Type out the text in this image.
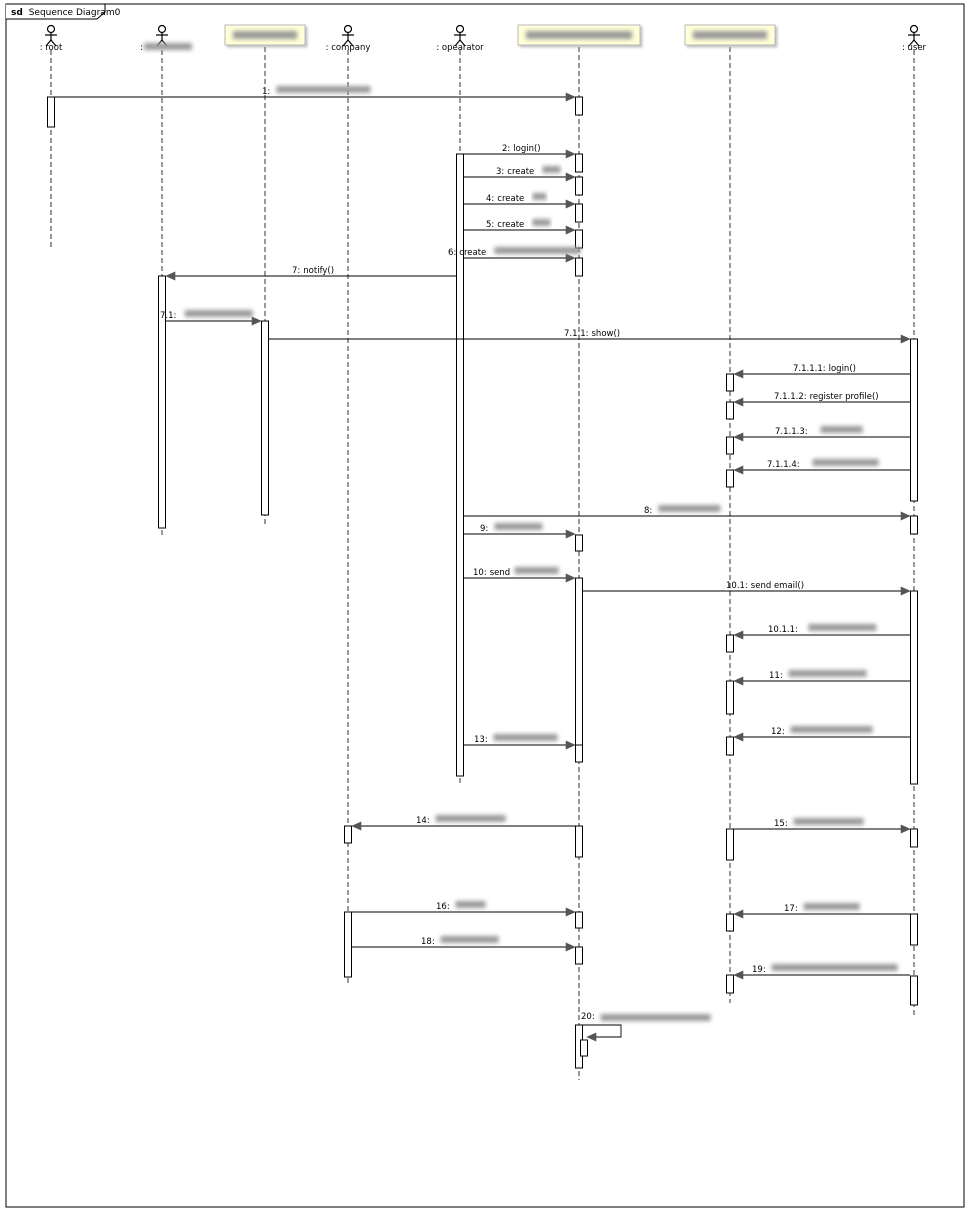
sd Sequence Diagram0
: root	:	: company	: opearator	: user
1:
2: login()
3: create
4: create
5: create
6: create
7: notify()
7.1:
7.1.1: show()
7.1.1.1: login()
7.1.1.2: register profile()
7.1.1.3:
7.1.1.4:
8:
9:
10: send
10.1: send email()
10.1.1:
11:
12:
13:
14:	15:
16:	17:
18:
19:
20:
